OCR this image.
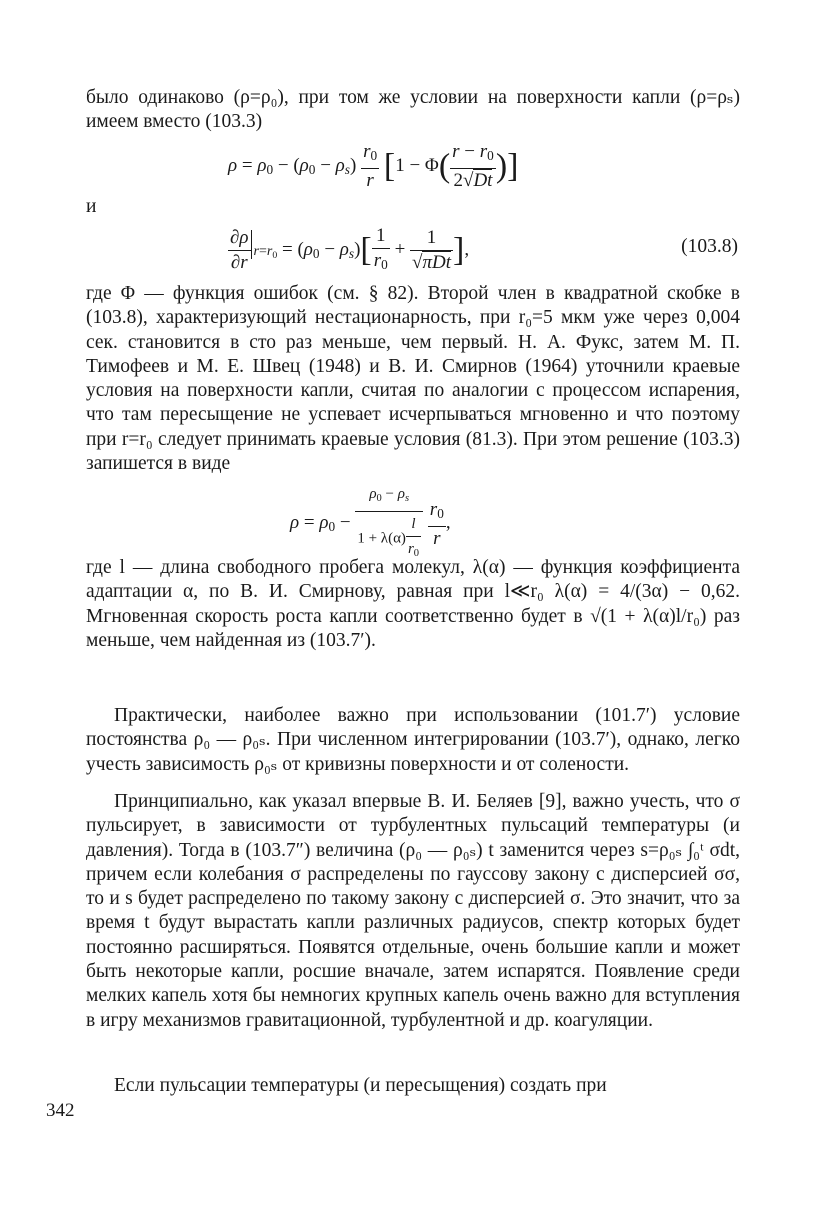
было одинаково (ρ=ρ₀), при том же условии на поверхности капли (ρ=ρₛ) имеем вместо (103.3)

$\rho = \rho_0 - (\rho_0 - \rho_s) \frac{r_0}{r} [1 - \Phi( \frac{r - r_0}{2√Dt}$ )]
и
$\frac{\partial\rho}{\partial r} r=r_0 = (\rho_0 - \rho_s)[ \frac{1}{r_0} + \frac{1}{\text{√πDt}}$ ],	(103.8)

где Φ — функция ошибок (см. § 82). Второй член в квадратной скобке в (103.8), характеризующий нестационарность, при r₀=5 мкм уже через 0,004 сек. становится в сто раз меньше, чем первый. Н. А. Фукс, затем М. П. Тимофеев и М. Е. Швец (1948) и В. И. Смирнов (1964) уточнили краевые условия на поверхности капли, считая по аналогии с процессом испарения, что там пересыщение не успевает исчерпываться мгновенно и что поэтому при r=r₀ следует принимать краевые условия (81.3). При этом решение (103.3) запишется в виде

$\rho = \rho_0 - \frac{\rho_0 - \rho_s}{1 + \lambda(\alpha) \frac{l}{r_0}}$
$\frac{r_0}{r}$ ,

где l — длина свободного пробега молекул, λ(α) — функция коэффициента адаптации α, по В. И. Смирнову, равная при l≪r₀ λ(α) = 4/(3α) − 0,62. Мгновенная скорость роста капли соответственно будет в √(1 + λ(α)l/r₀) раз меньше, чем найденная из (103.7′).

Практически, наиболее важно при использовании (101.7′) условие постоянства ρ₀ — ρ₀ₛ. При численном интегрировании (103.7′), однако, легко учесть зависимость ρ₀ₛ от кривизны поверхности и от солености.

Принципиально, как указал впервые В. И. Беляев [9], важно учесть, что σ пульсирует, в зависимости от турбулентных пульсаций температуры (и давления). Тогда в (103.7″) величина (ρ₀ — ρ₀ₛ) t заменится через s=ρ₀ₛ ∫₀ᵗ σdt, причем если колебания σ распределены по гауссову закону с дисперсией σσ, то и s будет распределено по такому закону с дисперсией σ. Это значит, что за время t будут вырастать капли различных радиусов, спектр которых будет постоянно расширяться. Появятся отдельные, очень большие капли и может быть некоторые капли, росшие вначале, затем испарятся. Появление среди мелких капель хотя бы немногих крупных капель очень важно для вступления в игру механизмов гравитационной, турбулентной и др. коагуляции.

Если пульсации температуры (и пересыщения) создать при

342
